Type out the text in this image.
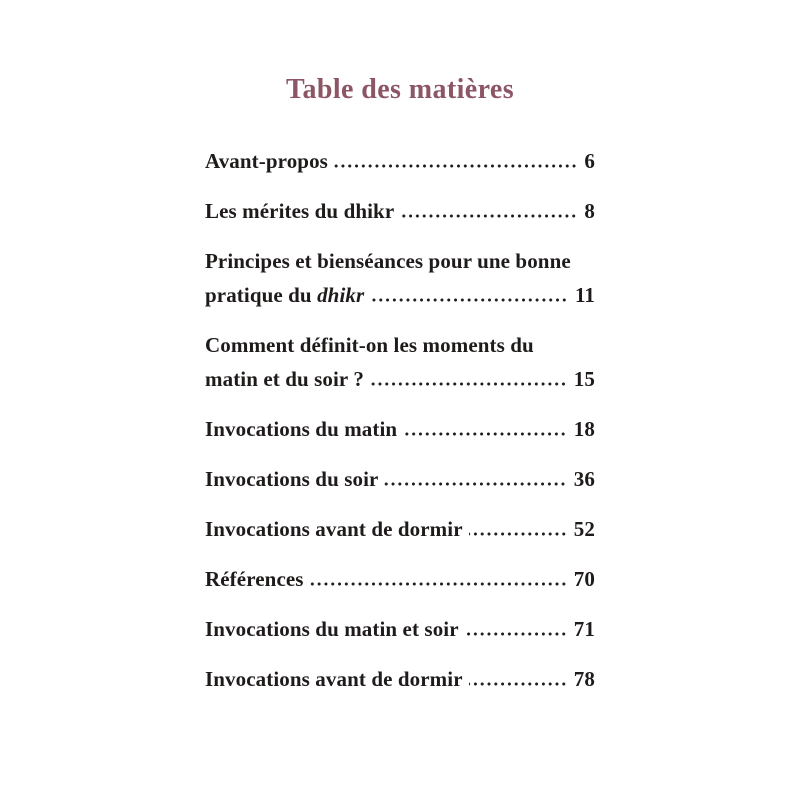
Table des matières
Avant-propos	6
Les mérites du dhikr	8
Principes et bienséances pour une bonne
pratique du dhikr	11
Comment définit-on les moments du
matin et du soir ?	15
Invocations du matin	18
Invocations du soir	36
Invocations avant de dormir	52
Références	70
Invocations du matin et soir	71
Invocations avant de dormir	78
